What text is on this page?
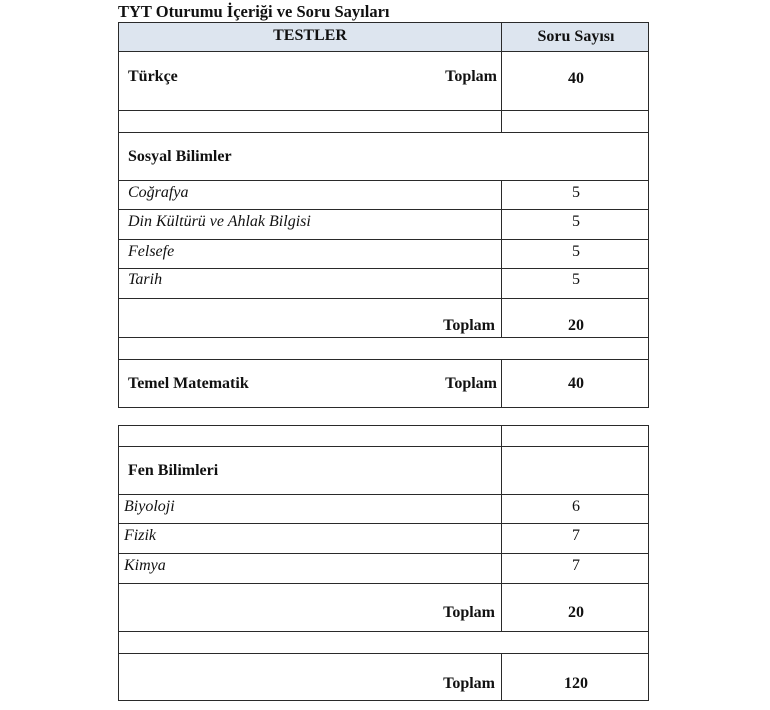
TYT Oturumu İçeriği ve Soru Sayıları
TESTLER	Soru Sayısı
Türkçe	Toplam	40
Sosyal Bilimler
Coğrafya	5
Din Kültürü ve Ahlak Bilgisi	5
Felsefe	5
Tarih	5
Toplam	20
Temel Matematik	Toplam	40
Fen Bilimleri
Biyoloji	6
Fizik	7
Kimya	7
Toplam	20
Toplam	120
